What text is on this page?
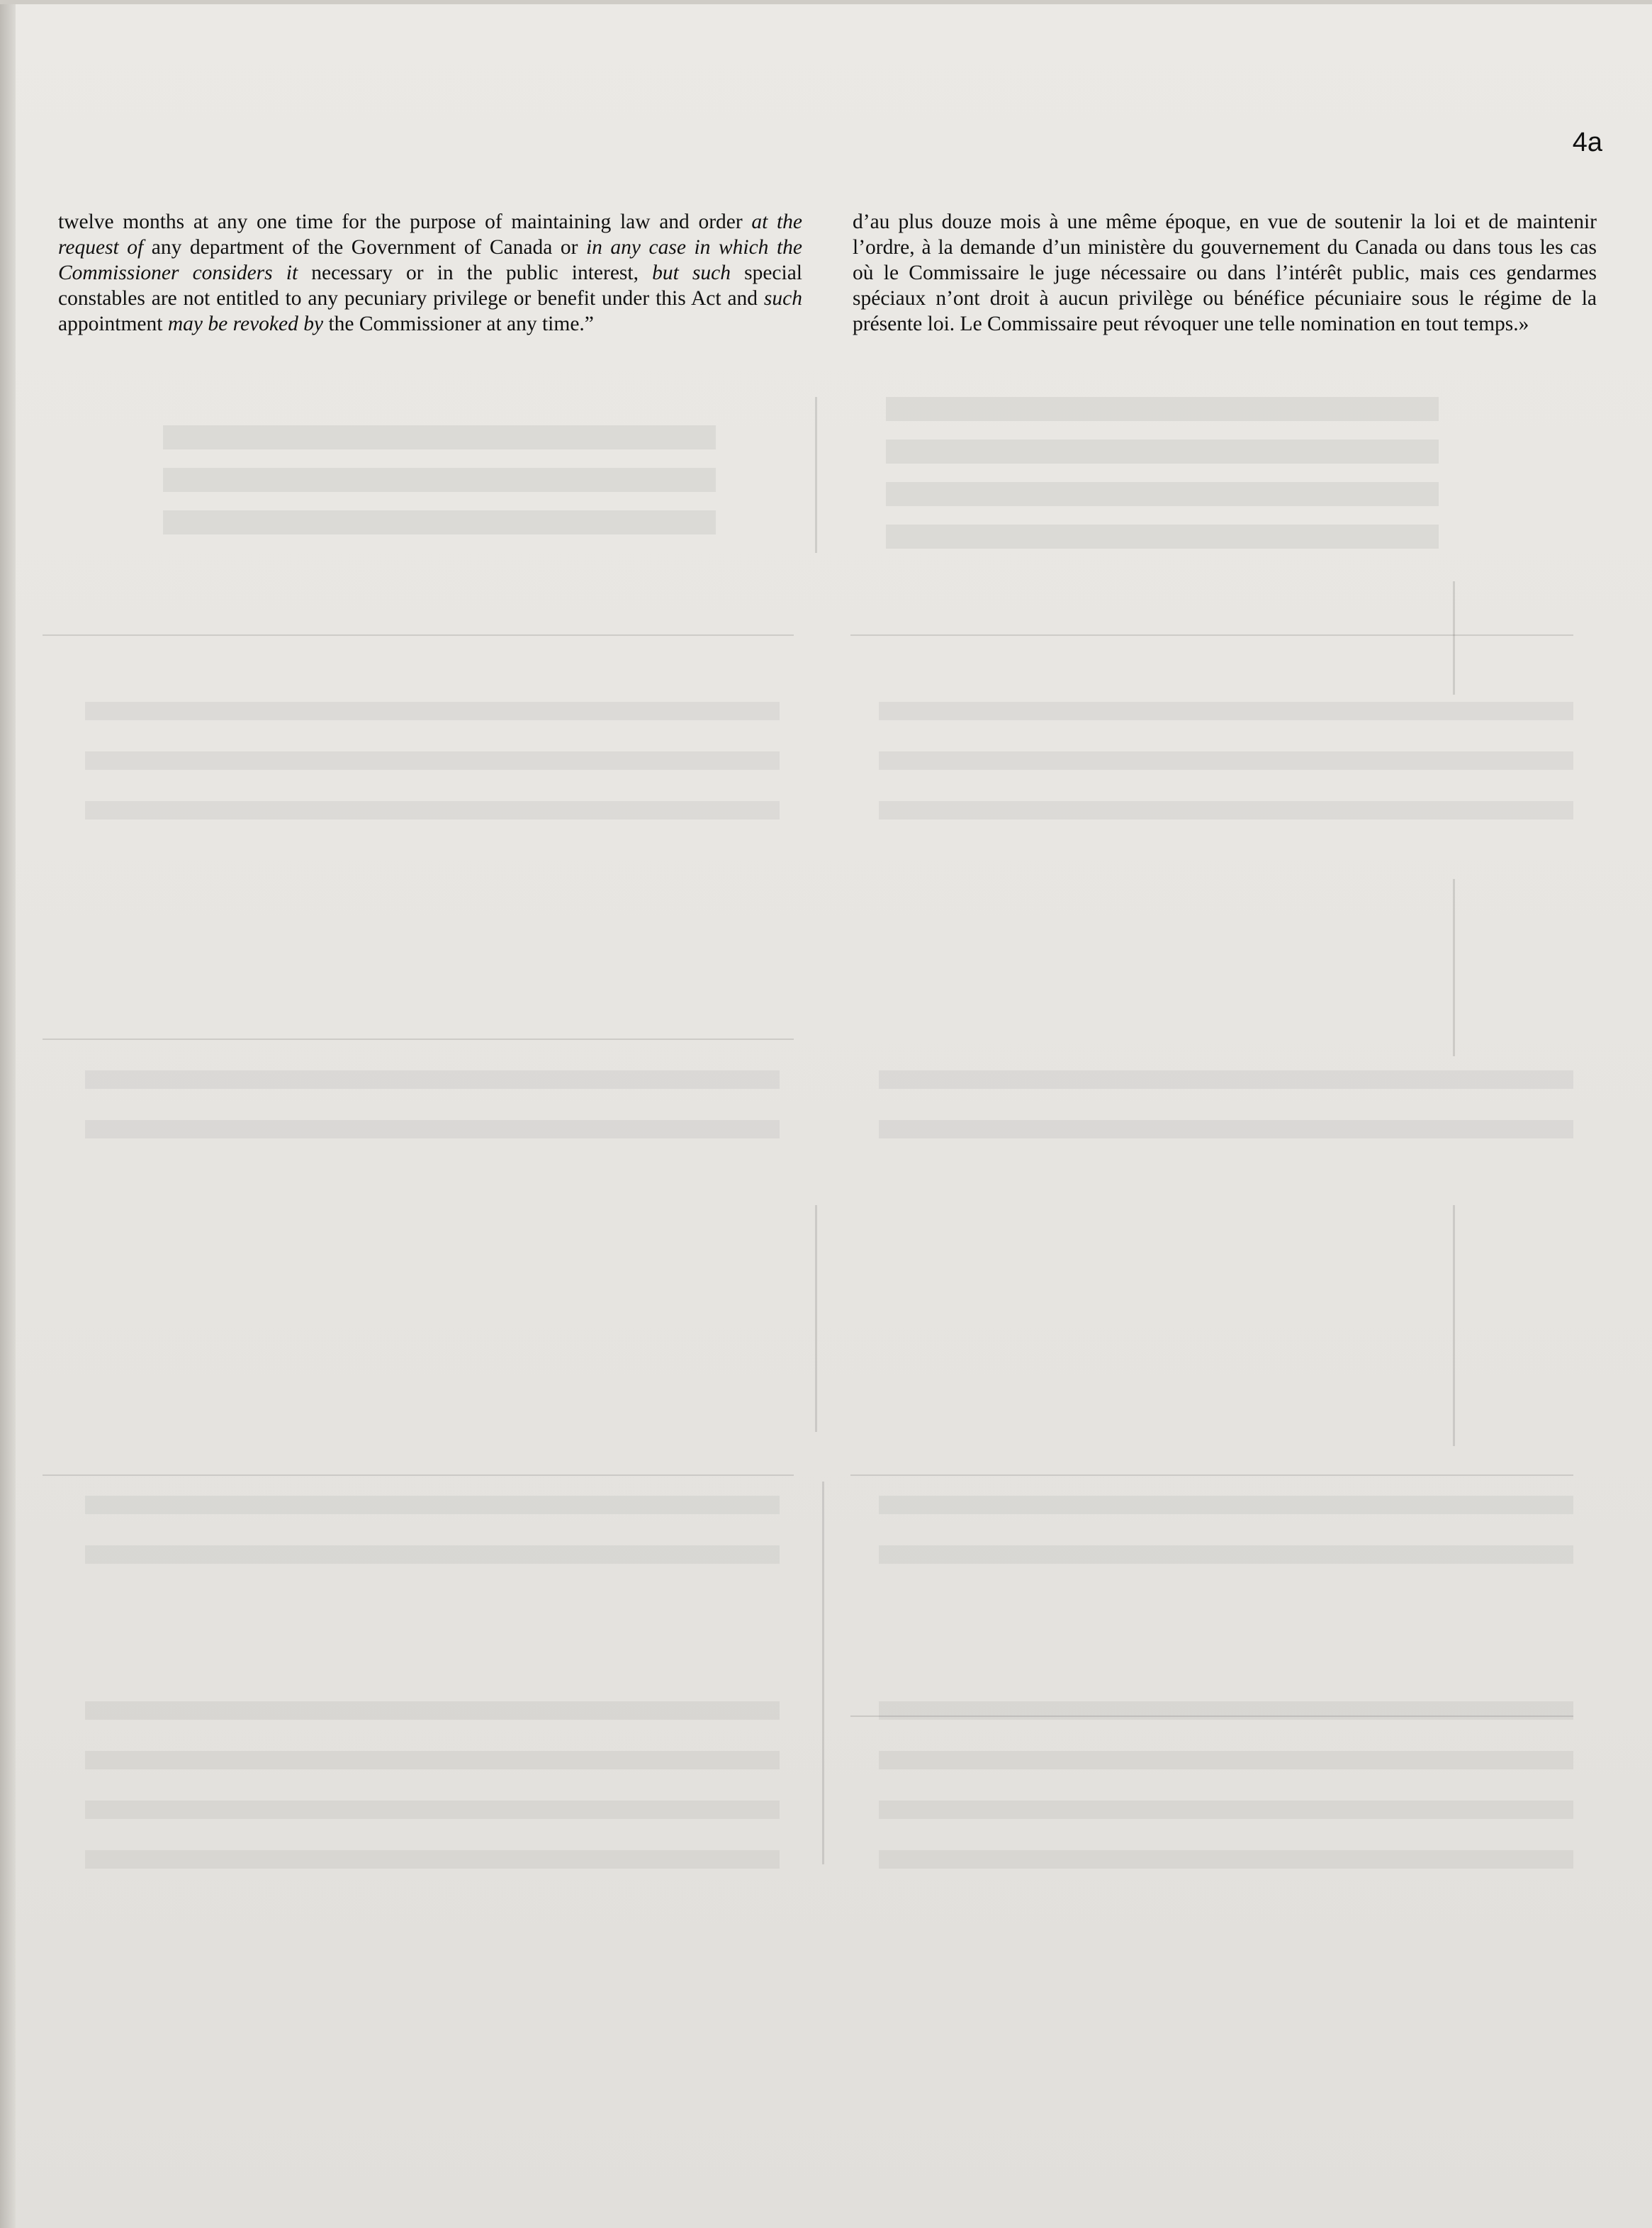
4a

twelve months at any one time for the purpose of maintaining law and order at the request of any department of the Government of Canada or in any case in which the Commissioner considers it necessary or in the public interest, but such special constables are not entitled to any pecuniary privilege or benefit under this Act and such appointment may be revoked by the Commissioner at any time.”

d’au plus douze mois à une même époque, en vue de soutenir la loi et de maintenir l’ordre, à la demande d’un ministère du gouvernement du Canada ou dans tous les cas où le Commissaire le juge nécessaire ou dans l’intérêt public, mais ces gendarmes spéciaux n’ont droit à aucun privilège ou bénéfice pécuniaire sous le régime de la présente loi. Le Commissaire peut révoquer une telle nomination en tout temps.»
